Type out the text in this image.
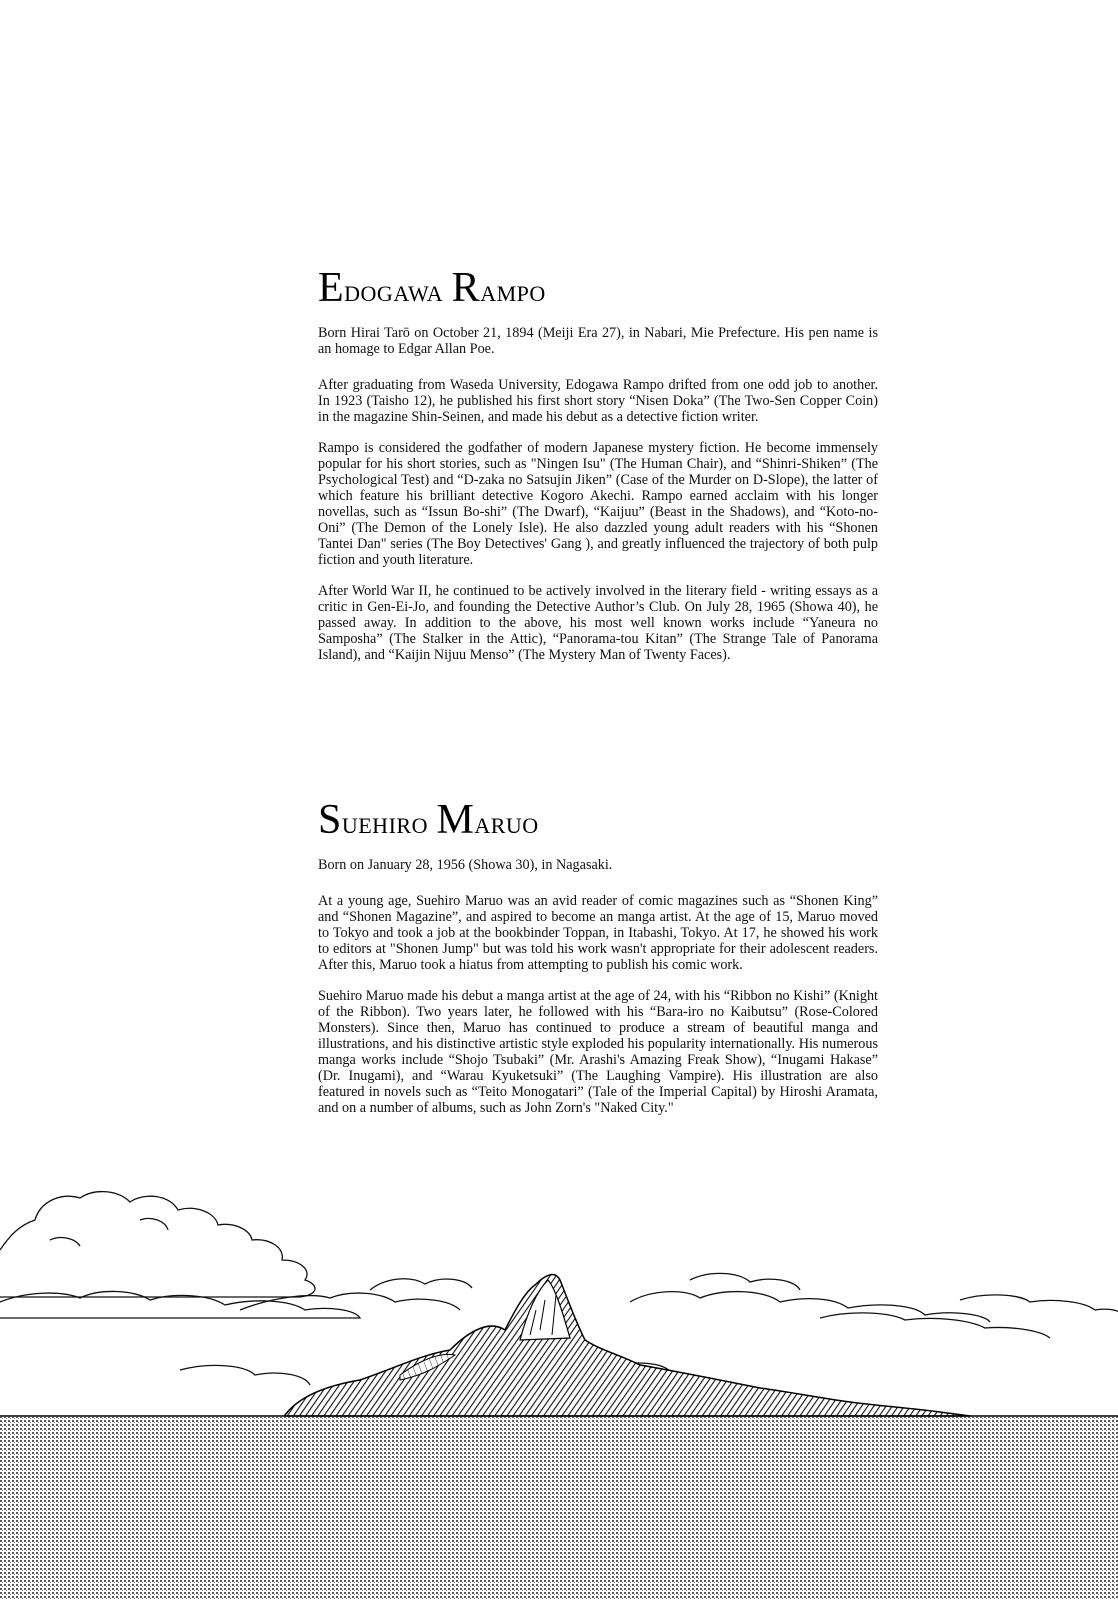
Edogawa Rampo

Born Hirai Tarō on October 21, 1894 (Meiji Era 27), in Nabari, Mie Prefecture. His pen name is an homage to Edgar Allan Poe.

After graduating from Waseda University, Edogawa Rampo drifted from one odd job to another. In 1923 (Taisho 12), he published his first short story “Nisen Doka” (The Two-Sen Copper Coin) in the magazine Shin-Seinen, and made his debut as a detective fiction writer.

Rampo is considered the godfather of modern Japanese mystery fiction. He become immensely popular for his short stories, such as "Ningen Isu" (The Human Chair), and “Shinri-Shiken” (The Psychological Test) and “D-zaka no Satsujin Jiken” (Case of the Murder on D-Slope), the latter of which feature his brilliant detective Kogoro Akechi. Rampo earned acclaim with his longer novellas, such as “Issun Bo-shi” (The Dwarf), “Kaijuu” (Beast in the Shadows), and “Koto-no-Oni” (The Demon of the Lonely Isle). He also dazzled young adult readers with his “Shonen Tantei Dan" series (The Boy Detectives' Gang ), and greatly influenced the trajectory of both pulp fiction and youth literature.

After World War II, he continued to be actively involved in the literary field - writing essays as a critic in Gen-Ei-Jo, and founding the Detective Author’s Club. On July 28, 1965 (Showa 40), he passed away. In addition to the above, his most well known works include “Yaneura no Samposha” (The Stalker in the Attic), “Panorama-tou Kitan” (The Strange Tale of Panorama Island), and “Kaijin Nijuu Menso” (The Mystery Man of Twenty Faces).

Suehiro Maruo

Born on January 28, 1956 (Showa 30), in Nagasaki.

At a young age, Suehiro Maruo was an avid reader of comic magazines such as “Shonen King” and “Shonen Magazine”, and aspired to become an manga artist. At the age of 15, Maruo moved to Tokyo and took a job at the bookbinder Toppan, in Itabashi, Tokyo. At 17, he showed his work to editors at "Shonen Jump" but was told his work wasn't appropriate for their adolescent readers. After this, Maruo took a hiatus from attempting to publish his comic work.

Suehiro Maruo made his debut a manga artist at the age of 24, with his “Ribbon no Kishi” (Knight of the Ribbon). Two years later, he followed with his “Bara-iro no Kaibutsu” (Rose-Colored Monsters). Since then, Maruo has continued to produce a stream of beautiful manga and illustrations, and his distinctive artistic style exploded his popularity internationally. His numerous manga works include “Shojo Tsubaki” (Mr. Arashi's Amazing Freak Show), “Inugami Hakase” (Dr. Inugami), and “Warau Kyuketsuki” (The Laughing Vampire). His illustration are also featured in novels such as “Teito Monogatari” (Tale of the Imperial Capital) by Hiroshi Aramata, and on a number of albums, such as John Zorn's "Naked City."
